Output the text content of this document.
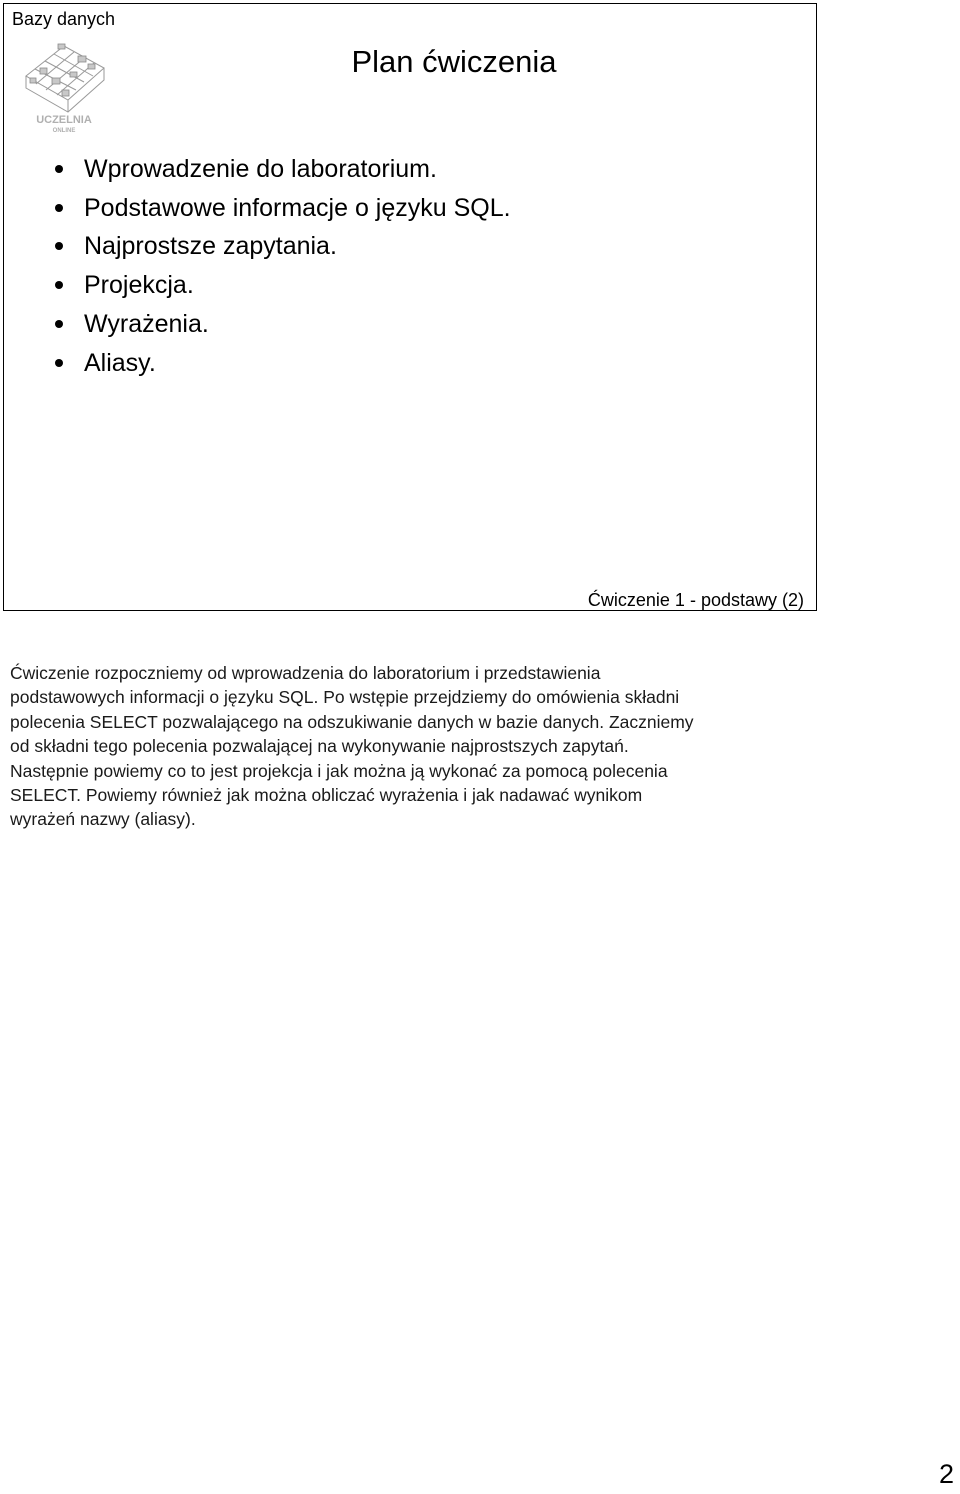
Bazy danych
UCZELNIA
ONLINE
Plan ćwiczenia
Wprowadzenie do laboratorium.
Podstawowe informacje o języku SQL.
Najprostsze zapytania.
Projekcja.
Wyrażenia.
Aliasy.
Ćwiczenie 1 - podstawy (2)

Ćwiczenie rozpoczniemy od wprowadzenia do laboratorium i przedstawienia
podstawowych informacji o języku SQL. Po wstępie przejdziemy do omówienia składni
polecenia SELECT pozwalającego na odszukiwanie danych w bazie danych. Zaczniemy
od składni tego polecenia pozwalającej na wykonywanie najprostszych zapytań.
Następnie powiemy co to jest projekcja i jak można ją wykonać za pomocą polecenia
SELECT. Powiemy również jak można obliczać wyrażenia i jak nadawać wynikom
wyrażeń nazwy (aliasy).

2
